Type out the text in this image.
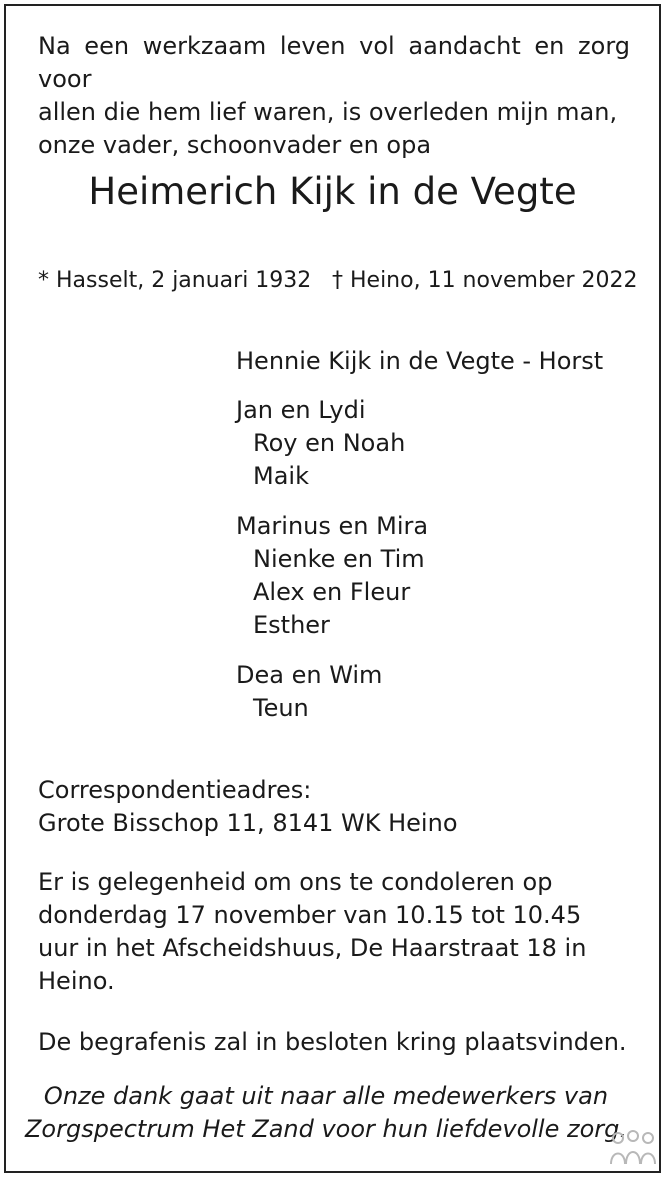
Na een werkzaam leven vol aandacht en zorg voor
allen die hem lief waren, is overleden mijn man,
onze vader, schoonvader en opa
Heimerich Kijk in de Vegte
* Hasselt, 2 januari 1932 † Heino, 11 november 2022
Hennie Kijk in de Vegte - Horst
Jan en Lydi
Roy en Noah
Maik
Marinus en Mira
Nienke en Tim
Alex en Fleur
Esther
Dea en Wim
Teun
Correspondentieadres:
Grote Bisschop 11, 8141 WK Heino
Er is gelegenheid om ons te condoleren op
donderdag 17 november van 10.15 tot 10.45
uur in het Afscheidshuus, De Haarstraat 18 in
Heino.
De begrafenis zal in besloten kring plaatsvinden.
Onze dank gaat uit naar alle medewerkers van
Zorgspectrum Het Zand voor hun liefdevolle zorg.
